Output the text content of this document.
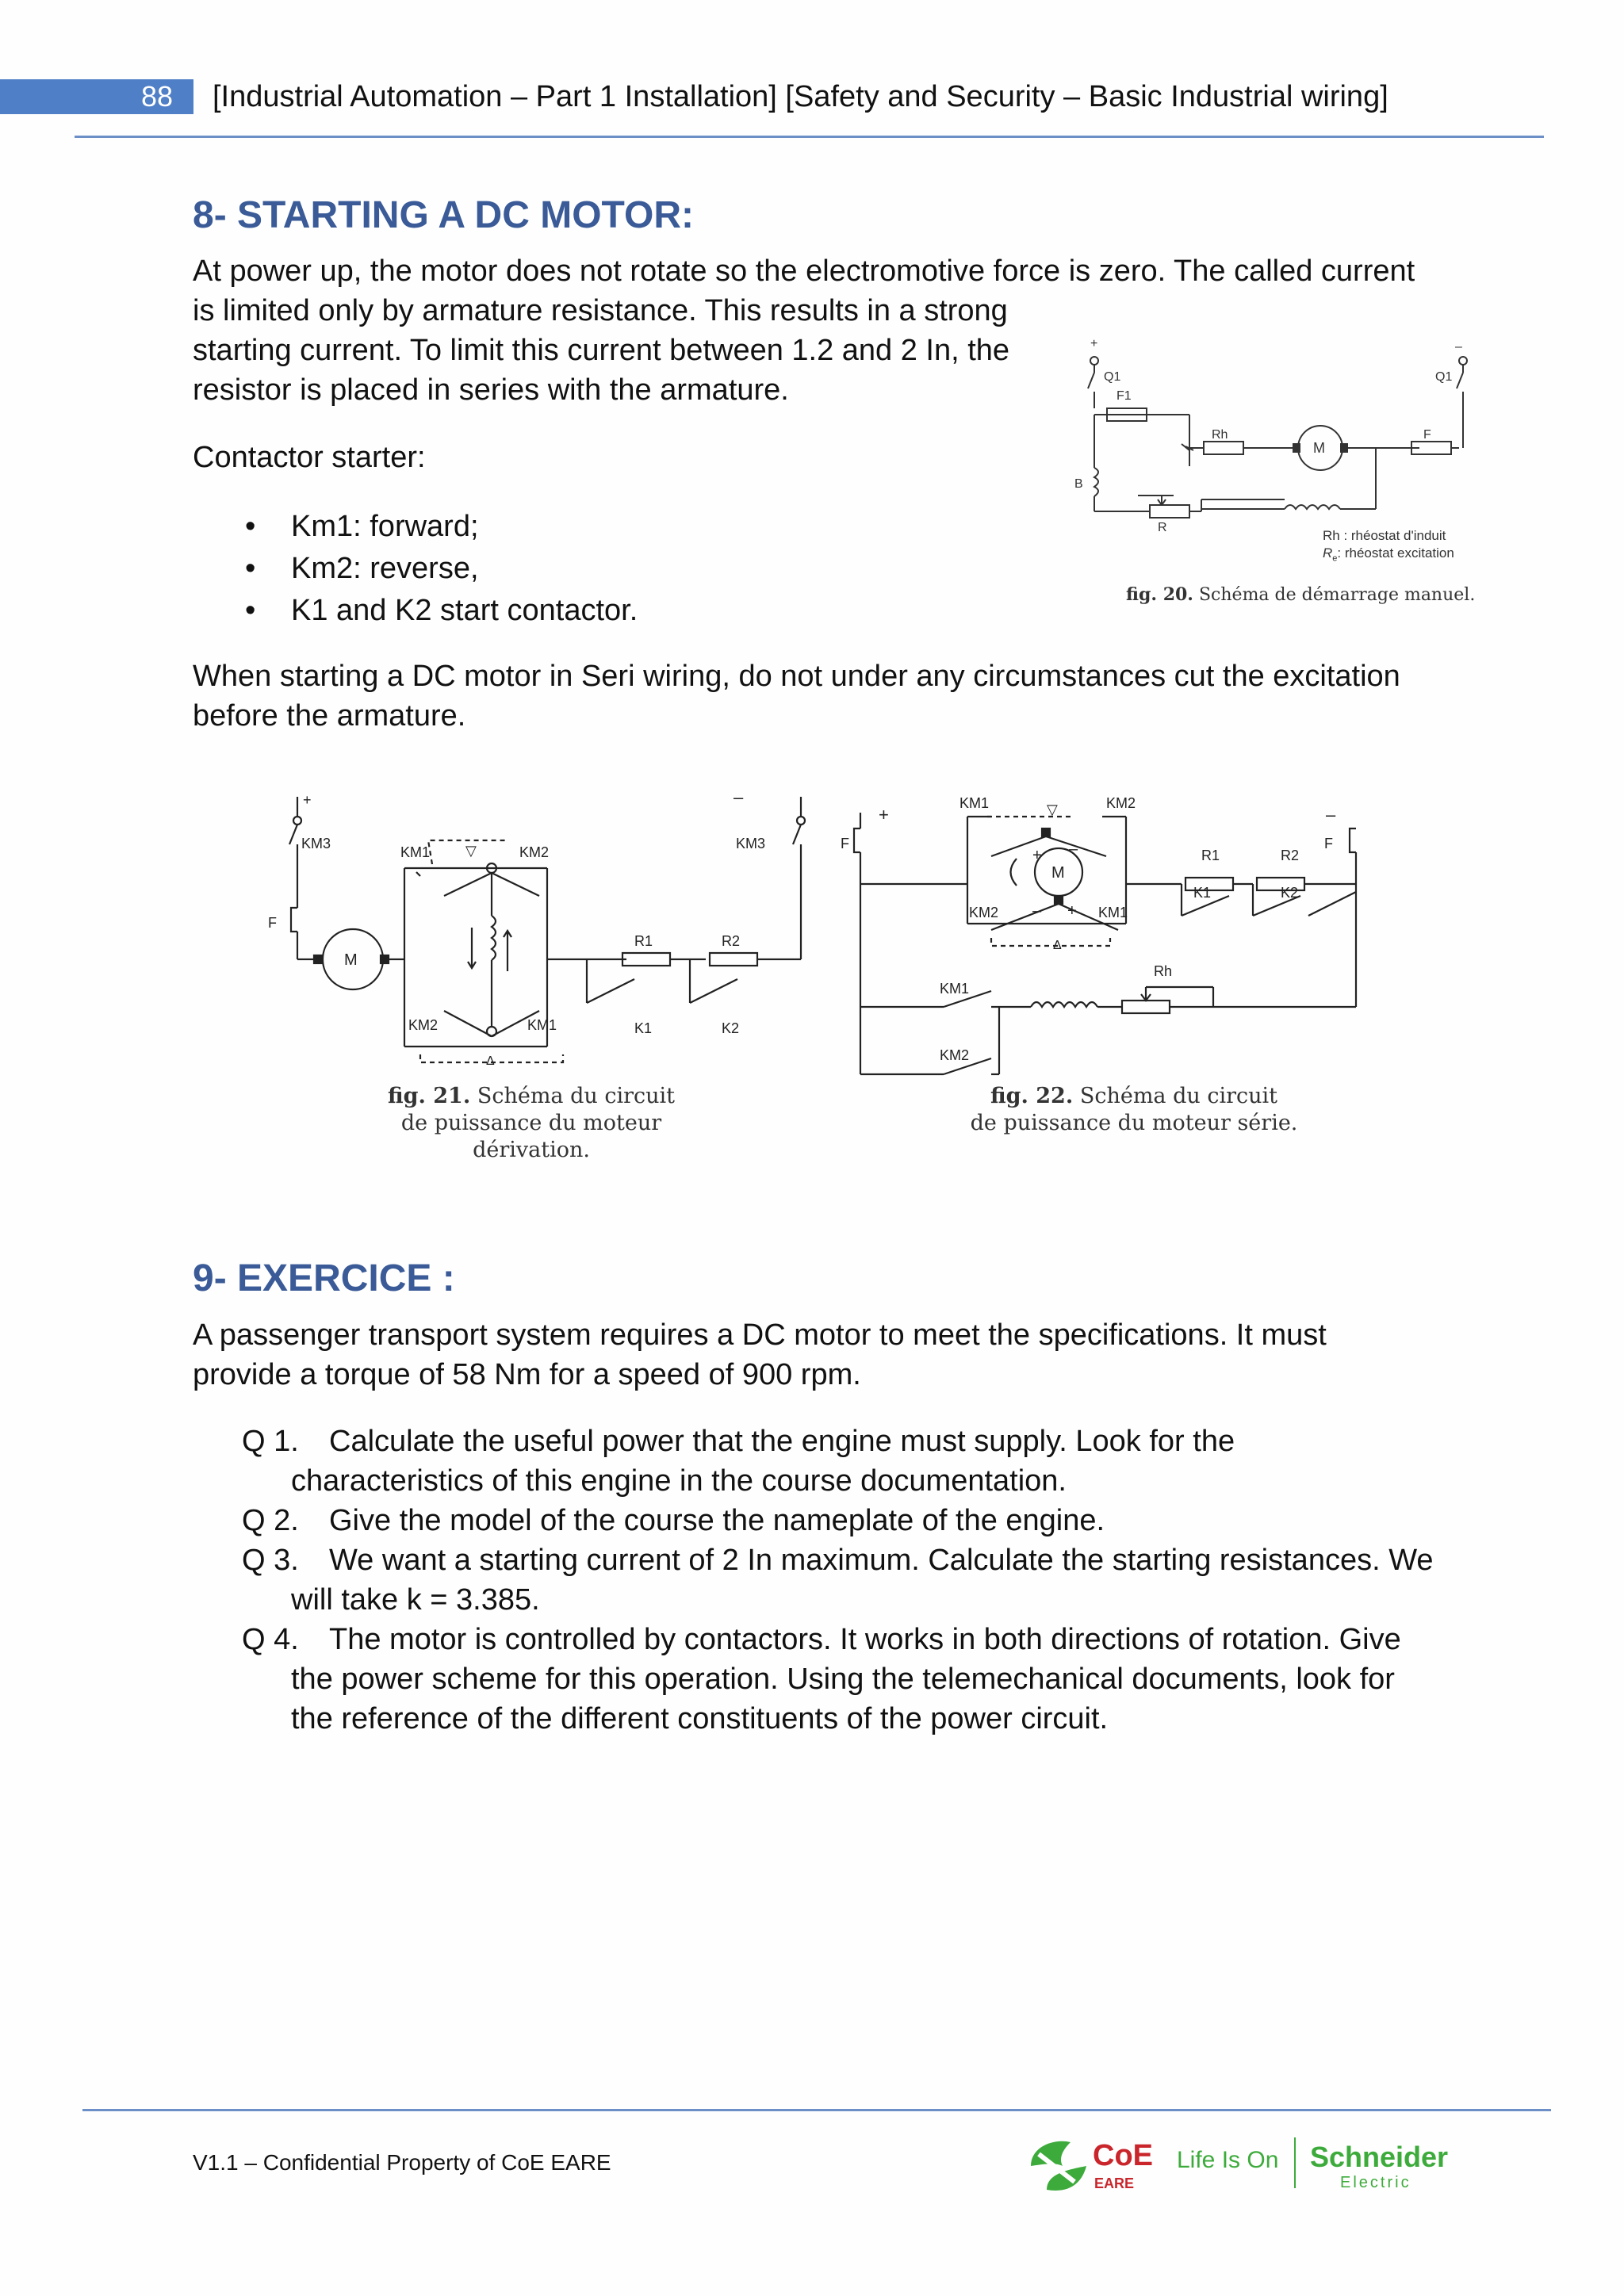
88	[Industrial Automation – Part 1 Installation] [Safety and Security – Basic Industrial wiring]
8- STARTING A DC MOTOR:
At power up, the motor does not rotate so the electromotive force is zero. The called current
is limited only by armature resistance. This results in a strong
starting current. To limit this current between 1.2 and 2 In, the
resistor is placed in series with the armature.
Contactor starter:
• Km1: forward;
• Km2: reverse,
• K1 and K2 start contactor.
When starting a DC motor in Seri wiring, do not under any circumstances cut the excitation
before the armature.
+
Q1
F1
Rh
M
F
–
Q1
B
R
Rh : rhéostat d'induit
$R_e$: rhéostat excitation
fig. 20. Schéma de démarrage manuel.
+
KM3
F
M
KM1 ▽	KM2
KM2	KM1
Δ
R1	R2
K1	K2
–
KM3
fig. 21. Schéma du circuit
de puissance du moteur dérivation.
+
F
KM1	KM2
▽
+ –
M
– +
KM2	KM1
Δ
R1	R2
K1	K2
–
F
KM1
Rh
KM2
fig. 22. Schéma du circuit
de puissance du moteur série.
9- EXERCICE :
A passenger transport system requires a DC motor to meet the specifications. It must
provide a torque of 58 Nm for a speed of 900 rpm.
Q 1. Calculate the useful power that the engine must supply. Look for the
characteristics of this engine in the course documentation.
Q 2. Give the model of the course the nameplate of the engine.
Q 3. We want a starting current of 2 In maximum. Calculate the starting resistances. We
will take k = 3.385.
Q 4. The motor is controlled by contactors. It works in both directions of rotation. Give
the power scheme for this operation. Using the telemechanical documents, look for
the reference of the different constituents of the power circuit.
V1.1 – Confidential Property of CoE EARE	CoE
EARE
Life Is On Schneider
Electric
